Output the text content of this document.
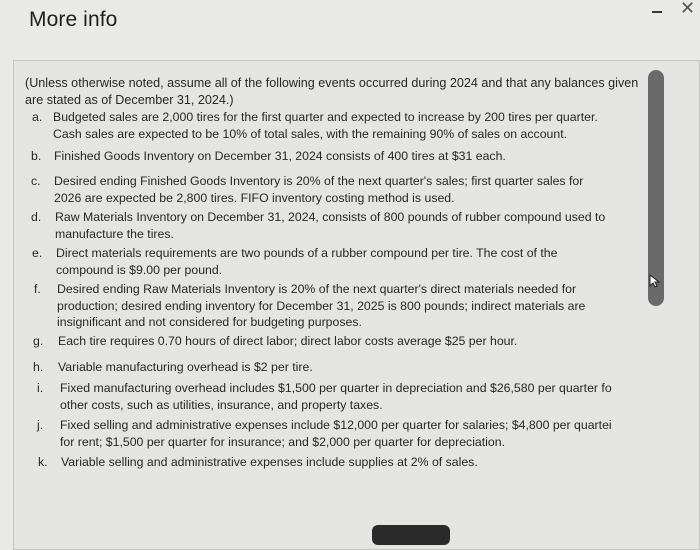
More info	✕
(Unless otherwise noted, assume all of the following events occurred during 2024 and that any balances given are stated as of December 31, 2024.)
a. Budgeted sales are 2,000 tires for the first quarter and expected to increase by 200 tires per quarter.
Cash sales are expected to be 10% of total sales, with the remaining 90% of sales on account.
b. Finished Goods Inventory on December 31, 2024 consists of 400 tires at $31 each.
c. Desired ending Finished Goods Inventory is 20% of the next quarter's sales; first quarter sales for
2026 are expected be 2,800 tires. FIFO inventory costing method is used.
d. Raw Materials Inventory on December 31, 2024, consists of 800 pounds of rubber compound used to
manufacture the tires.
e. Direct materials requirements are two pounds of a rubber compound per tire. The cost of the
compound is $9.00 per pound.
f. Desired ending Raw Materials Inventory is 20% of the next quarter's direct materials needed for
production; desired ending inventory for December 31, 2025 is 800 pounds; indirect materials are
insignificant and not considered for budgeting purposes.
g. Each tire requires 0.70 hours of direct labor; direct labor costs average $25 per hour.
h. Variable manufacturing overhead is $2 per tire.
i. Fixed manufacturing overhead includes $1,500 per quarter in depreciation and $26,580 per quarter fo
other costs, such as utilities, insurance, and property taxes.
j. Fixed selling and administrative expenses include $12,000 per quarter for salaries; $4,800 per quartei
for rent; $1,500 per quarter for insurance; and $2,000 per quarter for depreciation.
k. Variable selling and administrative expenses include supplies at 2% of sales.
